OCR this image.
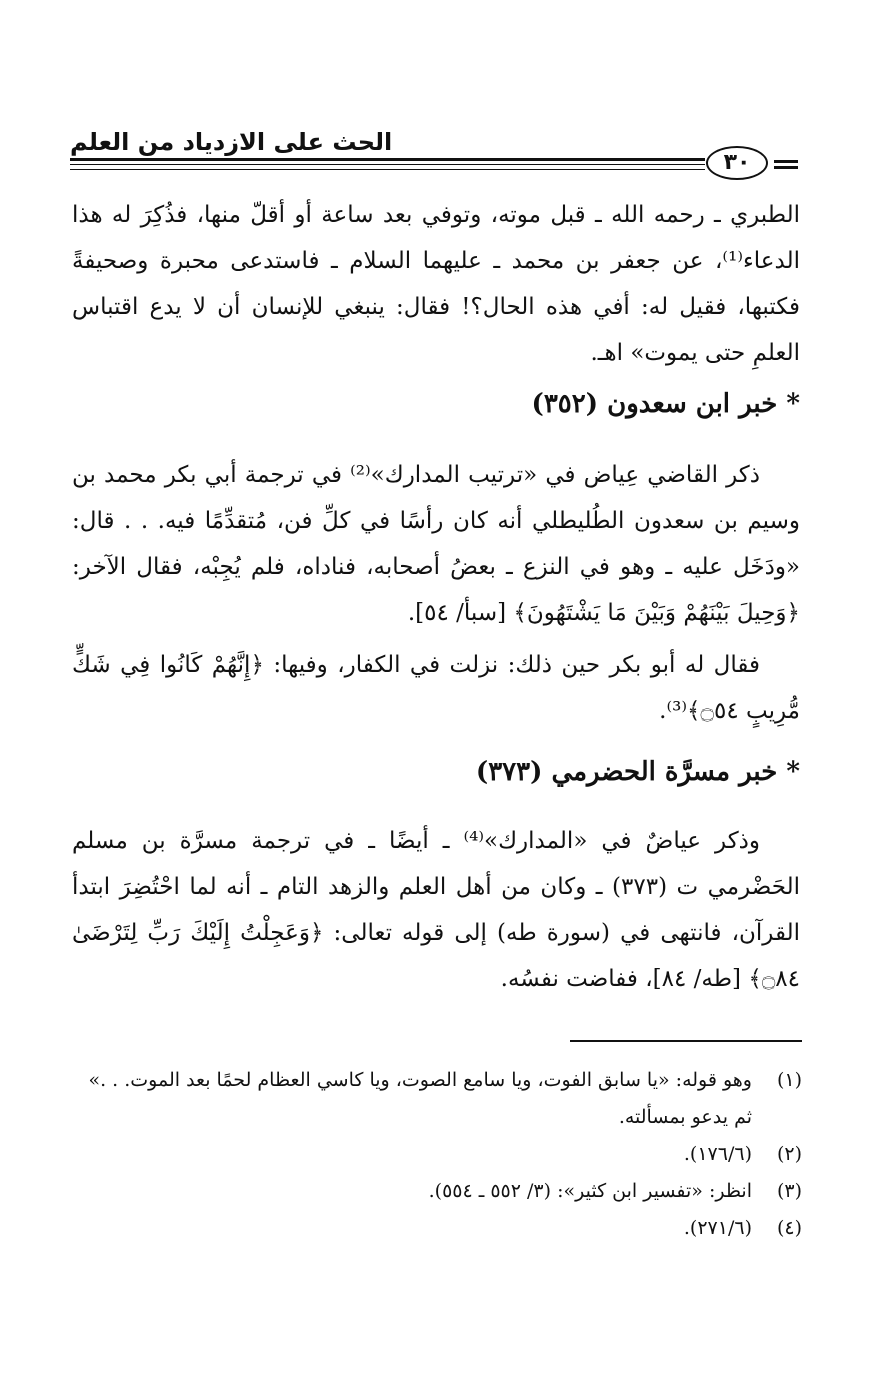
الحث على الازدياد من العلم
٣٠
الطبري ـ رحمه الله ـ قبل موته، وتوفي بعد ساعة أو أقلّ منها، فذُكِرَ له هذا الدعاء⁽¹⁾، عن جعفر بن محمد ـ عليهما السلام ـ فاستدعى محبرة وصحيفةً فكتبها، فقيل له: أفي هذه الحال؟! فقال: ينبغي للإنسان أن لا يدع اقتباس العلمِ حتى يموت» اهـ.
* خبر ابن سعدون (٣٥٢)
ذكر القاضي عِياض في «ترتيب المدارك»⁽²⁾ في ترجمة أبي بكر محمد بن وسيم بن سعدون الطُليطلي أنه كان رأسًا في كلِّ فن، مُتقدِّمًا فيه. . . قال: «ودَخَل عليه ـ وهو في النزع ـ بعضُ أصحابه، فناداه، فلم يُجِبْه، فقال الآخر: ﴿وَحِيلَ بَيْنَهُمْ وَبَيْنَ مَا يَشْتَهُونَ﴾ [سبأ/ ٥٤].
فقال له أبو بكر حين ذلك: نزلت في الكفار، وفيها: ﴿إِنَّهُمْ كَانُوا فِي شَكٍّ مُّرِيبٍ ۝٥٤﴾⁽³⁾.
* خبر مسرَّة الحضرمي (٣٧٣)
وذكر عياضٌ في «المدارك»⁽⁴⁾ ـ أيضًا ـ في ترجمة مسرَّة بن مسلم الحَضْرمي ت (٣٧٣) ـ وكان من أهل العلم والزهد التام ـ أنه لما احْتُضِرَ ابتدأ القرآن، فانتهى في (سورة طه) إلى قوله تعالى: ﴿وَعَجِلْتُ إِلَيْكَ رَبِّ لِتَرْضَىٰ ۝٨٤﴾ [طه/ ٨٤]، ففاضت نفسُه.
(١)
وهو قوله: «يا سابق الفوت، ويا سامع الصوت، ويا كاسي العظام لحمًا بعد الموت. . .» ثم يدعو بمسألته.
(٢)
(١٧٦/٦).
(٣)
انظر: «تفسير ابن كثير»: (٣/ ٥٥٢ ـ ٥٥٤).
(٤)
(٢٧١/٦).
